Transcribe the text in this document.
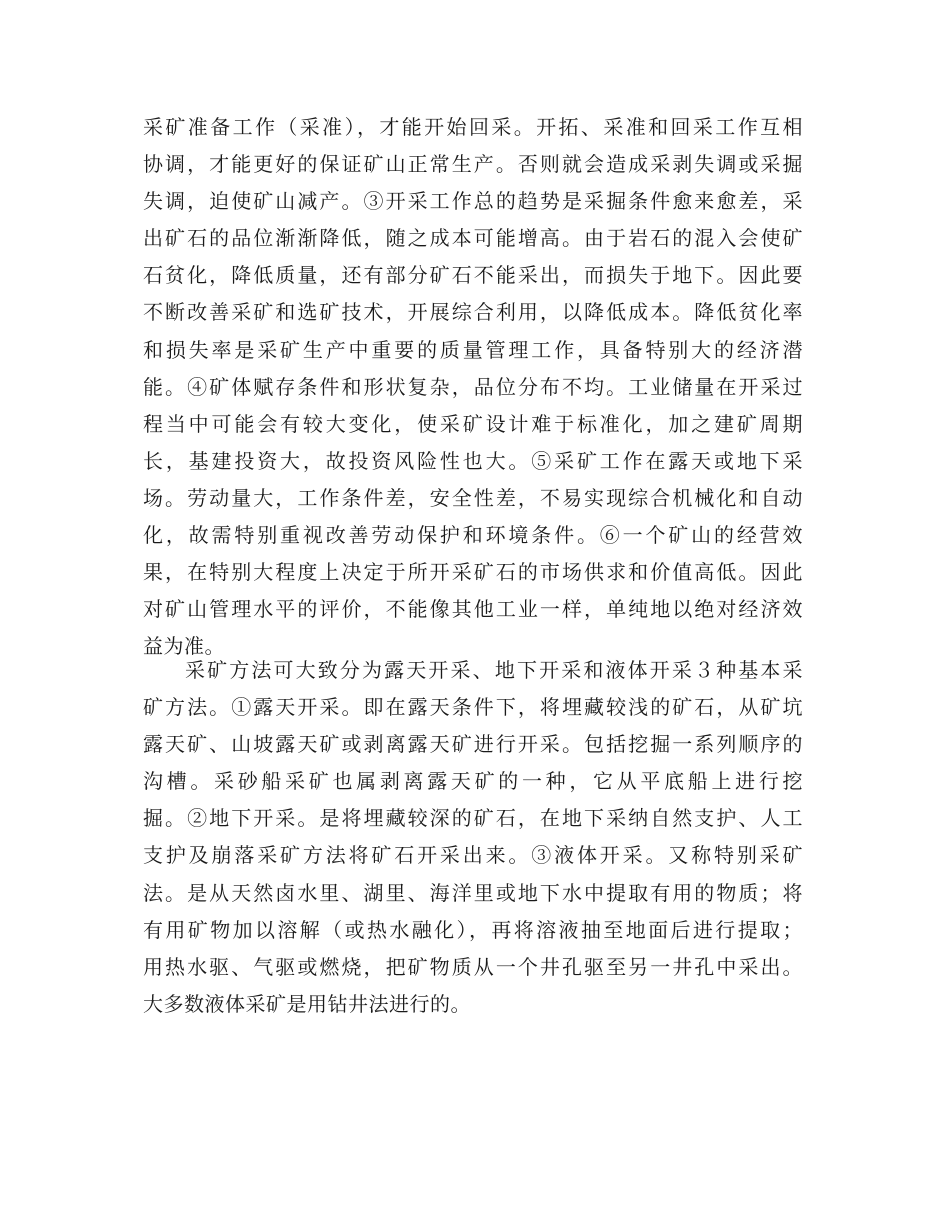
采矿准备工作（采准），才能开始回采。开拓、采准和回采工作互相
协调，才能更好的保证矿山正常生产。否则就会造成采剥失调或采掘
失调，迫使矿山减产。③开采工作总的趋势是采掘条件愈来愈差，采
出矿石的品位渐渐降低，随之成本可能增高。由于岩石的混入会使矿
石贫化，降低质量，还有部分矿石不能采出，而损失于地下。因此要
不断改善采矿和选矿技术，开展综合利用，以降低成本。降低贫化率
和损失率是采矿生产中重要的质量管理工作，具备特别大的经济潜
能。④矿体赋存条件和形状复杂，品位分布不均。工业储量在开采过
程当中可能会有较大变化，使采矿设计难于标准化，加之建矿周期
长，基建投资大，故投资风险性也大。⑤采矿工作在露天或地下采
场。劳动量大，工作条件差，安全性差，不易实现综合机械化和自动
化，故需特别重视改善劳动保护和环境条件。⑥一个矿山的经营效
果，在特别大程度上决定于所开采矿石的市场供求和价值高低。因此
对矿山管理水平的评价，不能像其他工业一样，单纯地以绝对经济效
益为准。
采矿方法可大致分为露天开采、地下开采和液体开采３种基本采
矿方法。①露天开采。即在露天条件下，将埋藏较浅的矿石，从矿坑
露天矿、山坡露天矿或剥离露天矿进行开采。包括挖掘一系列顺序的
沟槽。采砂船采矿也属剥离露天矿的一种，它从平底船上进行挖
掘。②地下开采。是将埋藏较深的矿石，在地下采纳自然支护、人工
支护及崩落采矿方法将矿石开采出来。③液体开采。又称特别采矿
法。是从天然卤水里、湖里、海洋里或地下水中提取有用的物质；将
有用矿物加以溶解（或热水融化），再将溶液抽至地面后进行提取；
用热水驱、气驱或燃烧，把矿物质从一个井孔驱至另一井孔中采出。
大多数液体采矿是用钻井法进行的。
